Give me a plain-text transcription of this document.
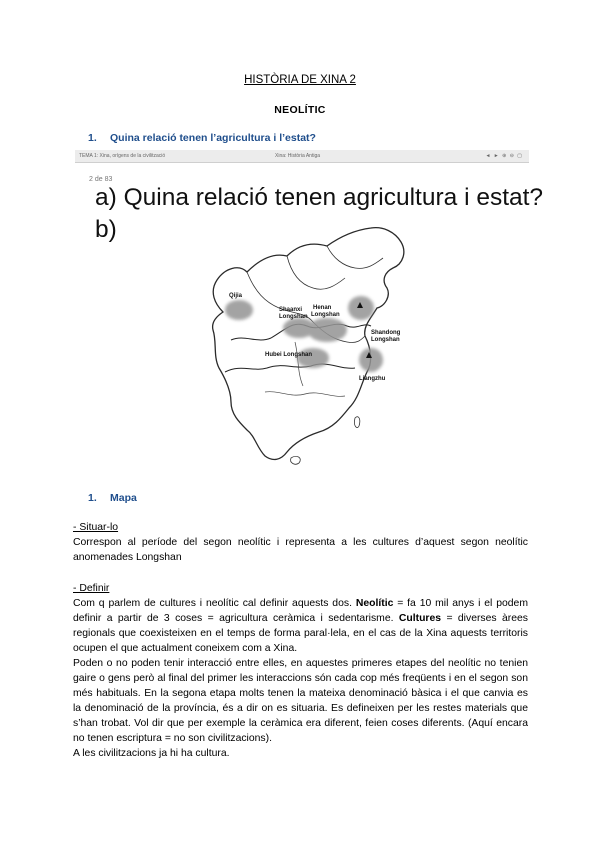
HISTÒRIA DE XINA 2
NEOLÍTIC
1. Quina relació tenen l’agricultura i l’estat?
TEMA 1: Xina, orígens de la civilització	Xina: Història Antiga	◄ ► ⊕ ⊖ ▢
2 de 83
a) Quina relació tenen agricultura i estat?
b)
Qijia
Shaanxi
Longshan
Henan
Longshan
Shandong
Longshan
Hubei Longshan
Liangzhu
1. Mapa
- Situar-lo
Correspon al període del segon neolític i representa a les cultures d’aquest segon neolític anomenades Longshan
- Definir
Com q parlem de cultures i neolític cal definir aquests dos. Neolític = fa 10 mil anys i el podem definir a partir de 3 coses = agricultura ceràmica i sedentarisme. Cultures = diverses àrees regionals que coexisteixen en el temps de forma paral·lela, en el cas de la Xina aquests territoris ocupen el que actualment coneixem com a Xina.
Poden o no poden tenir interacció entre elles, en aquestes primeres etapes del neolític no tenien gaire o gens però al final del primer les interaccions són cada cop més freqüents i en el segon son més habituals. En la segona etapa molts tenen la mateixa denominació bàsica i el que canvia es la denominació de la província, és a dir on es situaria. Es defineixen per les restes materials que s’han trobat. Vol dir que per exemple la ceràmica era diferent, feien coses diferents. (Aquí encara no tenen escriptura = no son civilitzacions).
A les civilitzacions ja hi ha cultura.
